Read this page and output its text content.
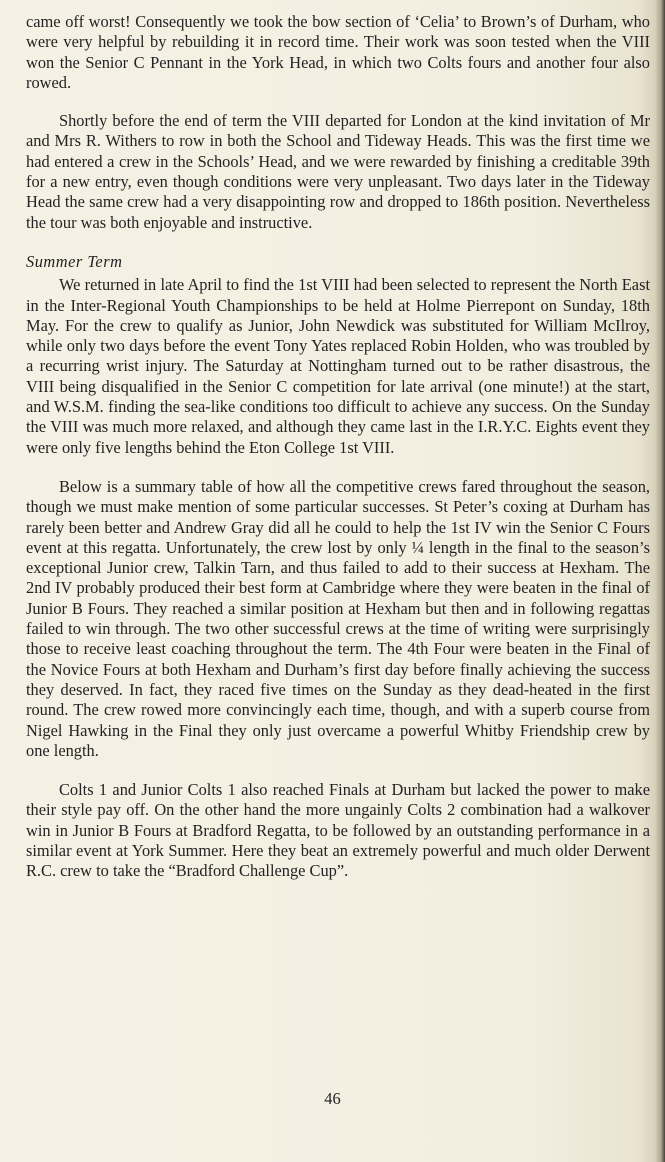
came off worst! Consequently we took the bow section of ‘Celia’ to Brown’s of Durham, who were very helpful by rebuilding it in record time. Their work was soon tested when the VIII won the Senior C Pennant in the York Head, in which two Colts fours and another four also rowed.

Shortly before the end of term the VIII departed for London at the kind invitation of Mr and Mrs R. Withers to row in both the School and Tideway Heads. This was the first time we had entered a crew in the Schools’ Head, and we were rewarded by finishing a creditable 39th for a new entry, even though conditions were very unpleasant. Two days later in the Tideway Head the same crew had a very disappointing row and dropped to 186th position. Nevertheless the tour was both enjoyable and instructive.

Summer Term

We returned in late April to find the 1st VIII had been selected to represent the North East in the Inter-Regional Youth Championships to be held at Holme Pierrepont on Sunday, 18th May. For the crew to qualify as Junior, John Newdick was substituted for William McIlroy, while only two days before the event Tony Yates replaced Robin Holden, who was troubled by a recurring wrist injury. The Saturday at Nottingham turned out to be rather disastrous, the VIII being disqualified in the Senior C competition for late arrival (one minute!) at the start, and W.S.M. finding the sea-like conditions too difficult to achieve any success. On the Sunday the VIII was much more relaxed, and although they came last in the I.R.Y.C. Eights event they were only five lengths behind the Eton College 1st VIII.

Below is a summary table of how all the competitive crews fared throughout the season, though we must make mention of some particular successes. St Peter’s coxing at Durham has rarely been better and Andrew Gray did all he could to help the 1st IV win the Senior C Fours event at this regatta. Unfortunately, the crew lost by only ¼ length in the final to the season’s exceptional Junior crew, Talkin Tarn, and thus failed to add to their success at Hexham. The 2nd IV probably produced their best form at Cambridge where they were beaten in the final of Junior B Fours. They reached a similar position at Hexham but then and in following regattas failed to win through. The two other successful crews at the time of writing were surprisingly those to receive least coaching throughout the term. The 4th Four were beaten in the Final of the Novice Fours at both Hexham and Durham’s first day before finally achieving the success they deserved. In fact, they raced five times on the Sunday as they dead-heated in the first round. The crew rowed more convincingly each time, though, and with a superb course from Nigel Hawking in the Final they only just overcame a powerful Whitby Friendship crew by one length.

Colts 1 and Junior Colts 1 also reached Finals at Durham but lacked the power to make their style pay off. On the other hand the more ungainly Colts 2 combination had a walkover win in Junior B Fours at Bradford Regatta, to be followed by an outstanding performance in a similar event at York Summer. Here they beat an extremely powerful and much older Derwent R.C. crew to take the “Bradford Challenge Cup”.

46
